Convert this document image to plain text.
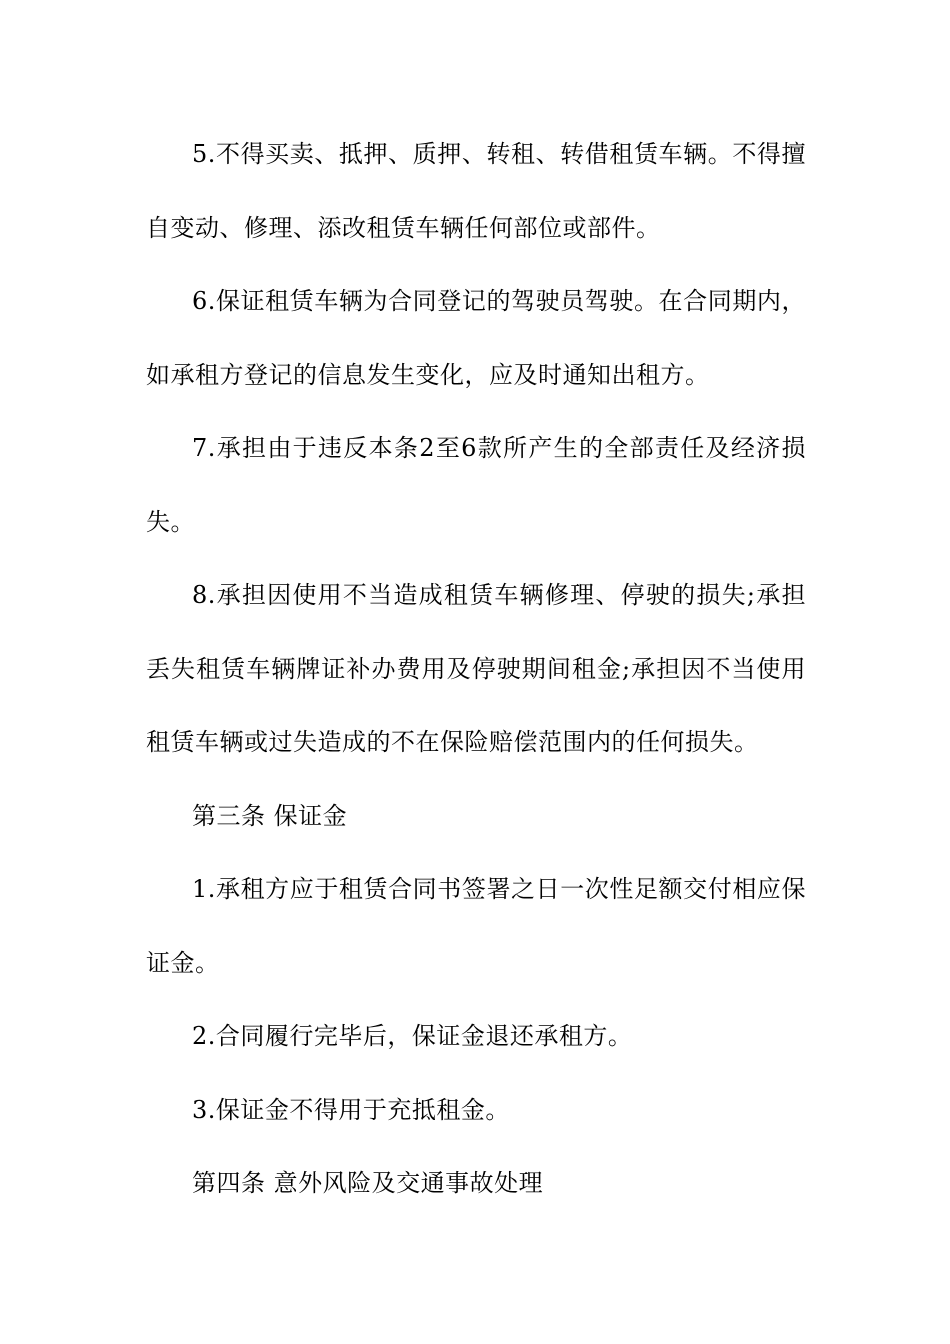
5.不得买卖、抵押、质押、转租、转借租赁车辆。不得擅自变动、修理、添改租赁车辆任何部位或部件。

6.保证租赁车辆为合同登记的驾驶员驾驶。在合同期内，如承租方登记的信息发生变化，应及时通知出租方。

7.承担由于违反本条2至6款所产生的全部责任及经济损失。

8.承担因使用不当造成租赁车辆修理、停驶的损失;承担丢失租赁车辆牌证补办费用及停驶期间租金;承担因不当使用租赁车辆或过失造成的不在保险赔偿范围内的任何损失。

第三条 保证金

1.承租方应于租赁合同书签署之日一次性足额交付相应保证金。

2.合同履行完毕后，保证金退还承租方。

3.保证金不得用于充抵租金。

第四条 意外风险及交通事故处理
